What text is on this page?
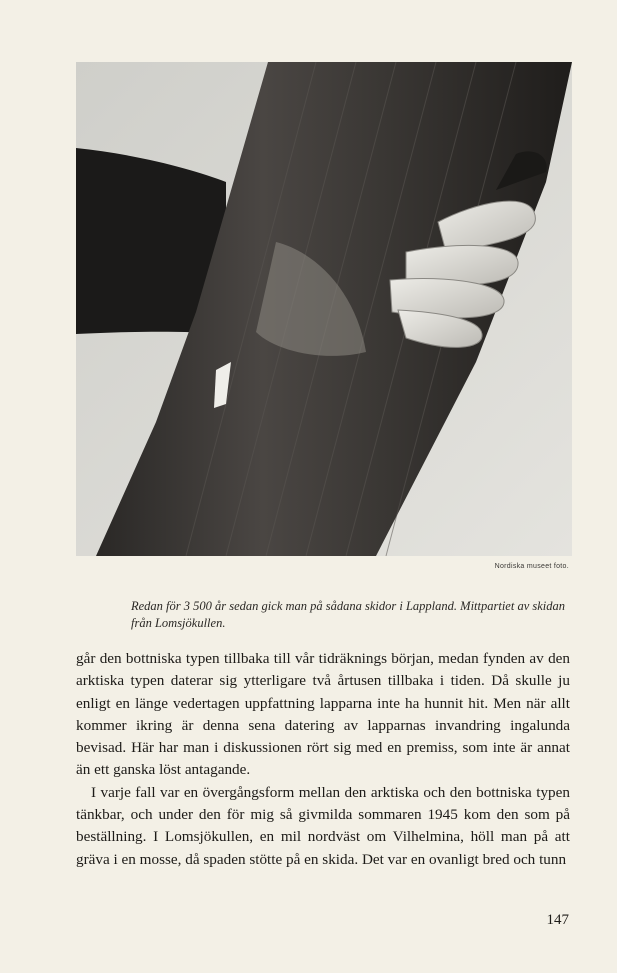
Nordiska museet foto.
Redan för 3 500 år sedan gick man på sådana skidor i Lappland. Mittpartiet av skidan från Lomsjökullen.

går den bottniska typen tillbaka till vår tidräknings början, medan fynden av den arktiska typen daterar sig ytterligare två årtusen tillbaka i tiden. Då skulle ju enligt en länge vedertagen uppfattning lapparna inte ha hunnit hit. Men när allt kommer ikring är denna sena datering av lapparnas invandring ingalunda bevisad. Här har man i diskussionen rört sig med en premiss, som inte är annat än ett ganska löst antagande.

I varje fall var en övergångsform mellan den arktiska och den bottniska typen tänkbar, och under den för mig så givmilda sommaren 1945 kom den som på beställning. I Lomsjökullen, en mil nordväst om Vilhelmina, höll man på att gräva i en mosse, då spaden stötte på en skida. Det var en ovanligt bred och tunn

147
